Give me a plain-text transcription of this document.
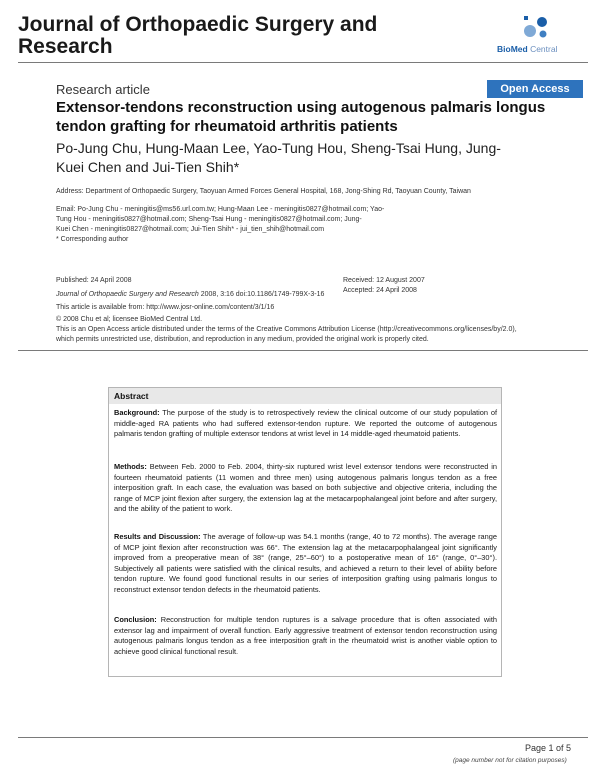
Journal of Orthopaedic Surgery and
Research	BioMed Central
Research article	Open Access
Extensor-tendons reconstruction using autogenous palmaris longus
tendon grafting for rheumatoid arthritis patients
Po-Jung Chu, Hung-Maan Lee, Yao-Tung Hou, Sheng-Tsai Hung, Jung-
Kuei Chen and Jui-Tien Shih*
Address: Department of Orthopaedic Surgery, Taoyuan Armed Forces General Hospital, 168, Jong-Shing Rd, Taoyuan County, Taiwan
Email: Po-Jung Chu - meningitis@ms56.url.com.tw; Hung-Maan Lee - meningitis0827@hotmail.com; Yao-
Tung Hou - meningitis0827@hotmail.com; Sheng-Tsai Hung - meningitis0827@hotmail.com; Jung-
Kuei Chen - meningitis0827@hotmail.com; Jui-Tien Shih* - jui_tien_shih@hotmail.com
* Corresponding author
Published: 24 April 2008
Journal of Orthopaedic Surgery and Research 2008, 3:16 doi:10.1186/1749-799X-3-16
Received: 12 August 2007
Accepted: 24 April 2008
This article is available from: http://www.josr-online.com/content/3/1/16
© 2008 Chu et al; licensee BioMed Central Ltd.
This is an Open Access article distributed under the terms of the Creative Commons Attribution License (http://creativecommons.org/licenses/by/2.0),
which permits unrestricted use, distribution, and reproduction in any medium, provided the original work is properly cited.
Abstract
Background: The purpose of the study is to retrospectively review the clinical outcome of our study population of middle-aged RA patients who had suffered extensor-tendon rupture. We reported the outcome of autogenous palmaris tendon grafting of multiple extensor tendons at wrist level in 14 middle-aged rheumatoid patients.
Methods: Between Feb. 2000 to Feb. 2004, thirty-six ruptured wrist level extensor tendons were reconstructed in fourteen rheumatoid patients (11 women and three men) using autogenous palmaris longus tendon as a free interposition graft. In each case, the evaluation was based on both subjective and objective criteria, including the range of MCP joint flexion after surgery, the extension lag at the metacarpophalangeal joint before and after surgery, and the ability of the patient to work.
Results and Discussion: The average of follow-up was 54.1 months (range, 40 to 72 months). The average range of MCP joint flexion after reconstruction was 66°. The extension lag at the metacarpophalangeal joint significantly improved from a preoperative mean of 38° (range, 25°–60°) to a postoperative mean of 16° (range, 0°–30°). Subjectively all patients were satisfied with the clinical results, and achieved a return to their level of ability before tendon rupture. We found good functional results in our series of interposition grafting using palmaris longus to reconstruct extensor tendon defects in the rheumatoid patients.
Conclusion: Reconstruction for multiple tendon ruptures is a salvage procedure that is often associated with extensor lag and impairment of overall function. Early aggressive treatment of extensor tendon reconstruction using autogenous palmaris longus tendon as a free interposition graft in the rheumatoid wrist is another viable option to achieve good clinical functional result.
Page 1 of 5
(page number not for citation purposes)
